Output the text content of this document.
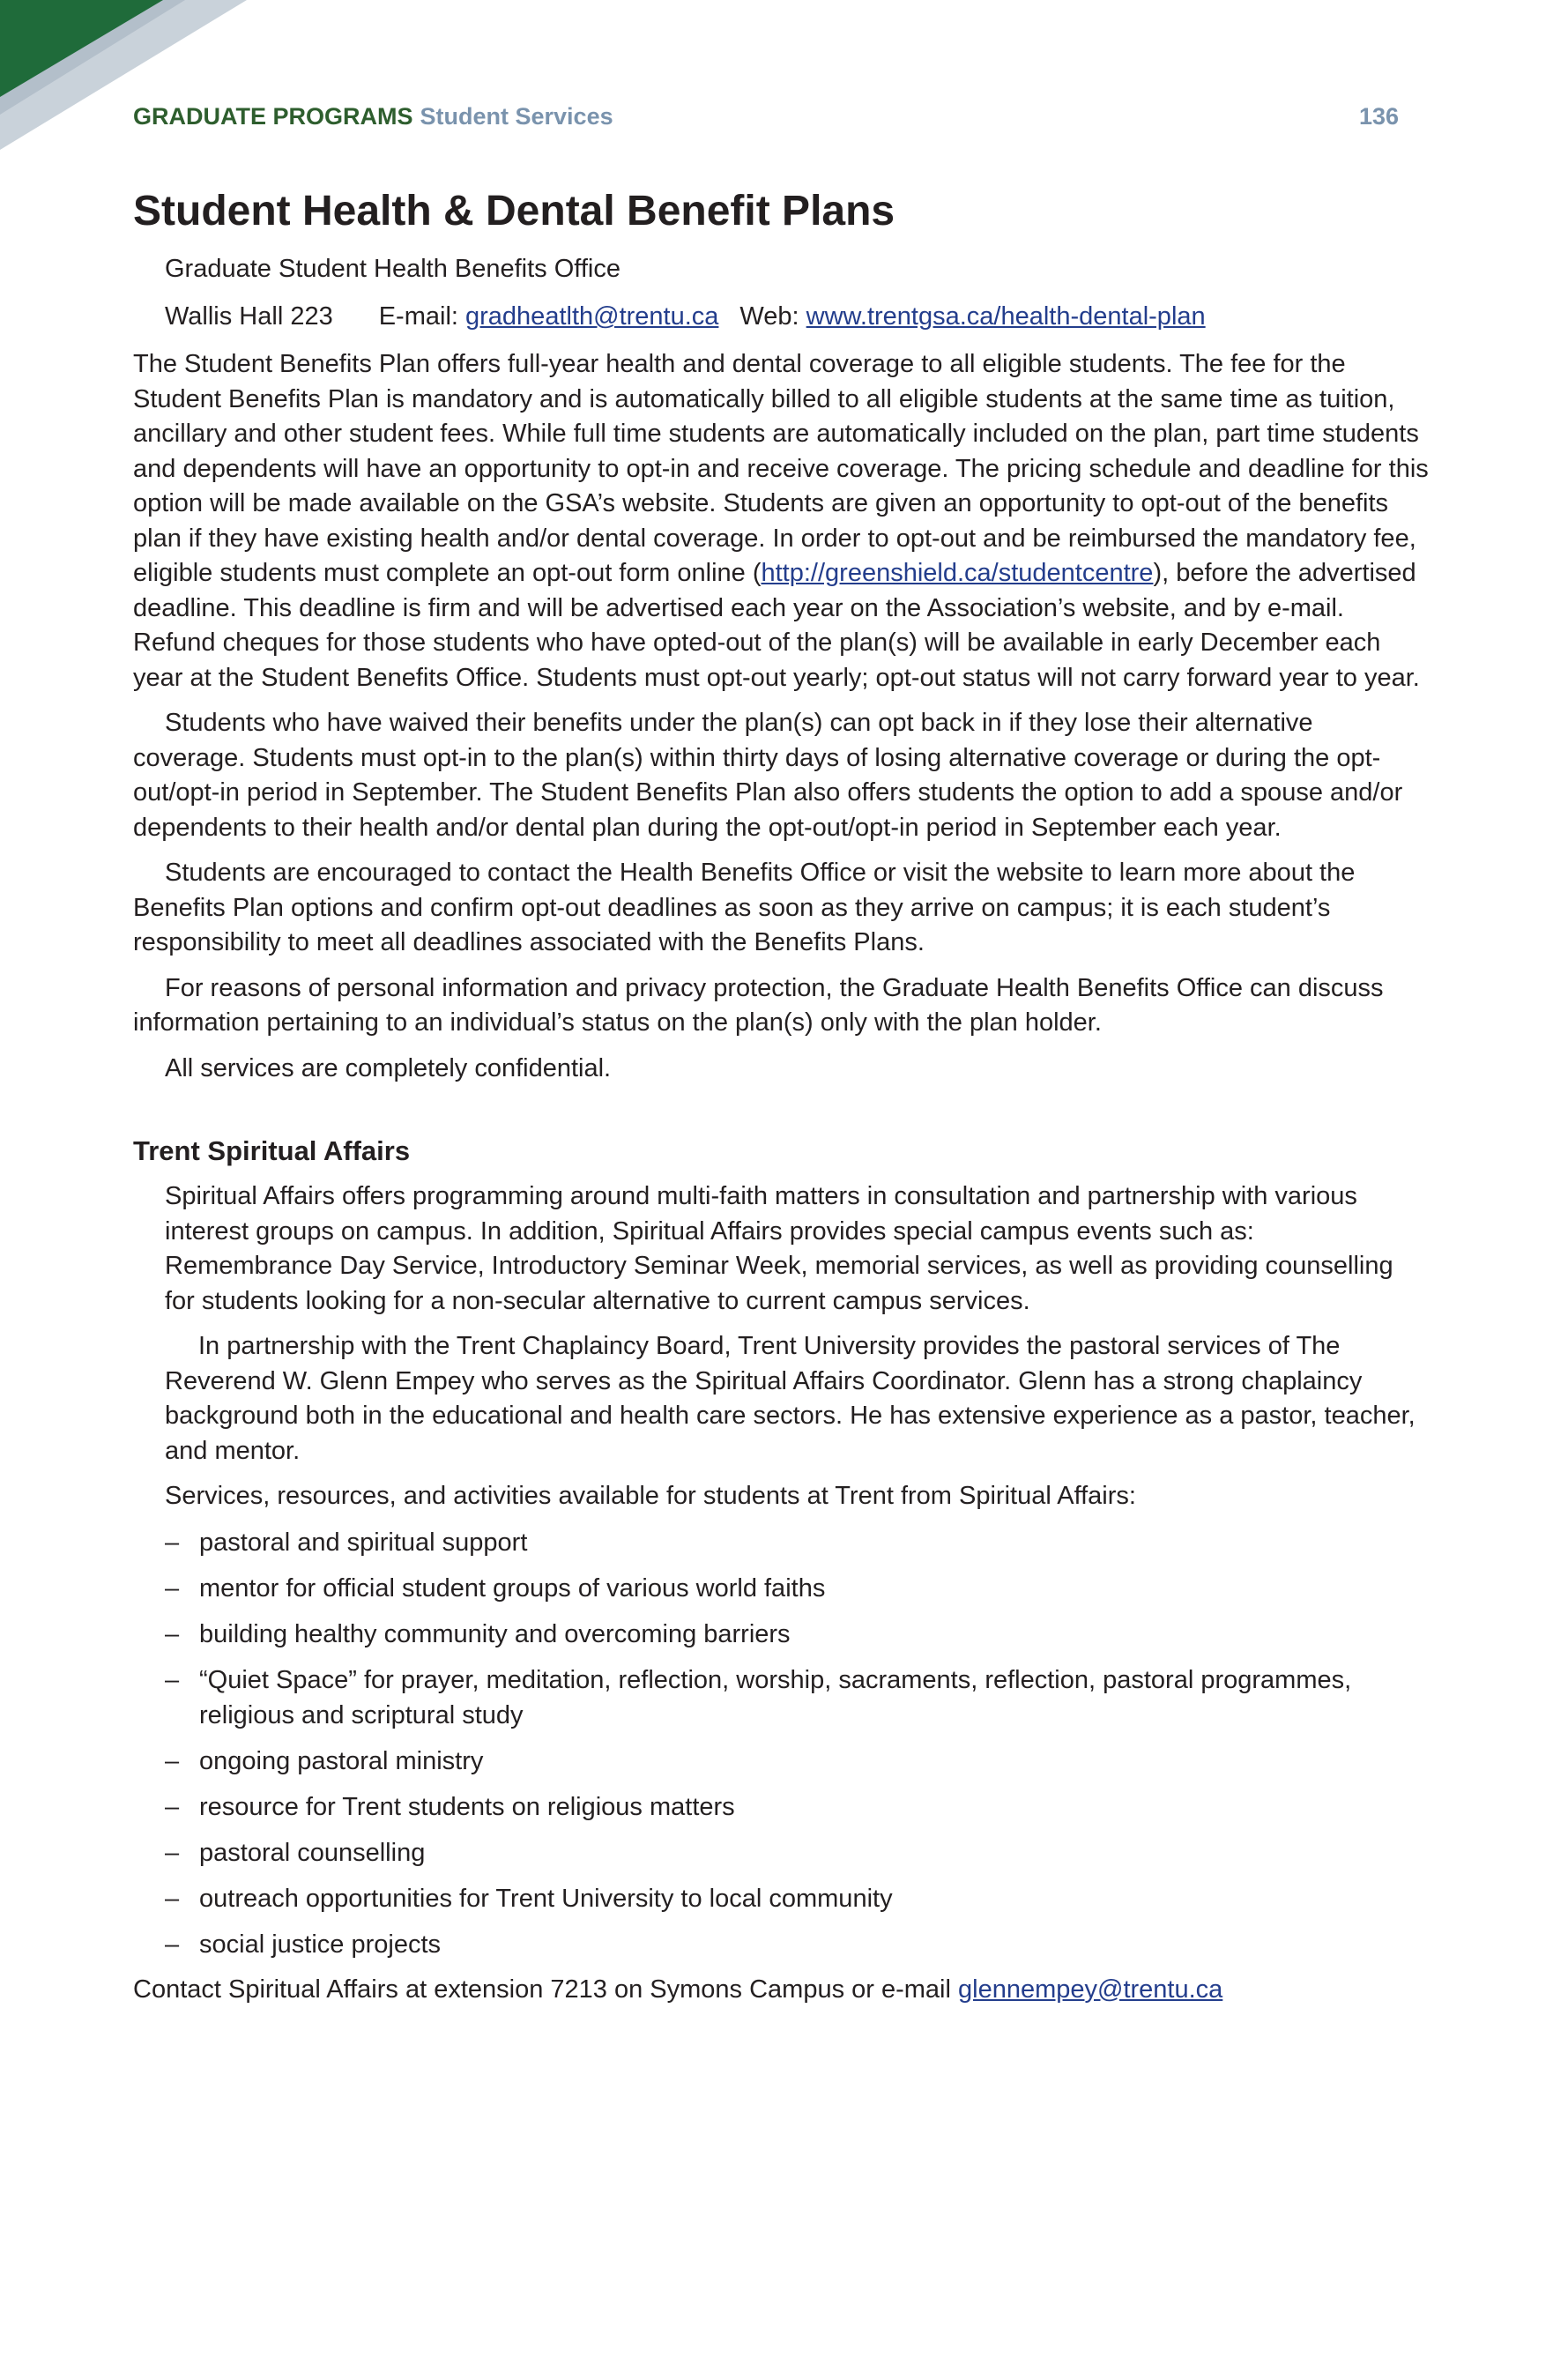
GRADUATE PROGRAMS Student Services	136
Student Health & Dental Benefit Plans
Graduate Student Health Benefits Office
Wallis Hall 223 E-mail: gradheatlth@trentu.ca Web: www.trentgsa.ca/health-dental-plan

The Student Benefits Plan offers full-year health and dental coverage to all eligible students. The fee for the Student Benefits Plan is mandatory and is automatically billed to all eligible students at the same time as tuition, ancillary and other student fees. While full time students are automatically included on the plan, part time students and dependents will have an opportunity to opt-in and receive coverage. The pricing schedule and deadline for this option will be made available on the GSA’s website. Students are given an opportunity to opt-out of the benefits plan if they have existing health and/or dental coverage. In order to opt-out and be reimbursed the mandatory fee, eligible students must complete an opt-out form online (http://greenshield.ca/studentcentre), before the advertised deadline. This deadline is firm and will be advertised each year on the Association’s website, and by e-mail. Refund cheques for those students who have opted-out of the plan(s) will be available in early December each year at the Student Benefits Office. Students must opt-out yearly; opt-out status will not carry forward year to year.

Students who have waived their benefits under the plan(s) can opt back in if they lose their alternative coverage. Students must opt-in to the plan(s) within thirty days of losing alternative coverage or during the opt-out/opt-in period in September. The Student Benefits Plan also offers students the option to add a spouse and/or dependents to their health and/or dental plan during the opt-out/opt-in period in September each year.

Students are encouraged to contact the Health Benefits Office or visit the website to learn more about the Benefits Plan options and confirm opt-out deadlines as soon as they arrive on campus; it is each student’s responsibility to meet all deadlines associated with the Benefits Plans.

For reasons of personal information and privacy protection, the Graduate Health Benefits Office can discuss information pertaining to an individual’s status on the plan(s) only with the plan holder.

All services are completely confidential.

Trent Spiritual Affairs

Spiritual Affairs offers programming around multi-faith matters in consultation and partnership with various interest groups on campus. In addition, Spiritual Affairs provides special campus events such as: Remembrance Day Service, Introductory Seminar Week, memorial services, as well as providing counselling for students looking for a non-secular alternative to current campus services.

In partnership with the Trent Chaplaincy Board, Trent University provides the pastoral services of The Reverend W. Glenn Empey who serves as the Spiritual Affairs Coordinator. Glenn has a strong chaplaincy background both in the educational and health care sectors. He has extensive experience as a pastor, teacher, and mentor.

Services, resources, and activities available for students at Trent from Spiritual Affairs:

– pastoral and spiritual support
– mentor for official student groups of various world faiths
– building healthy community and overcoming barriers
– “Quiet Space” for prayer, meditation, reflection, worship, sacraments, reflection, pastoral programmes, religious and scriptural study
– ongoing pastoral ministry
– resource for Trent students on religious matters
– pastoral counselling
– outreach opportunities for Trent University to local community
– social justice projects

Contact Spiritual Affairs at extension 7213 on Symons Campus or e-mail glennempey@trentu.ca
